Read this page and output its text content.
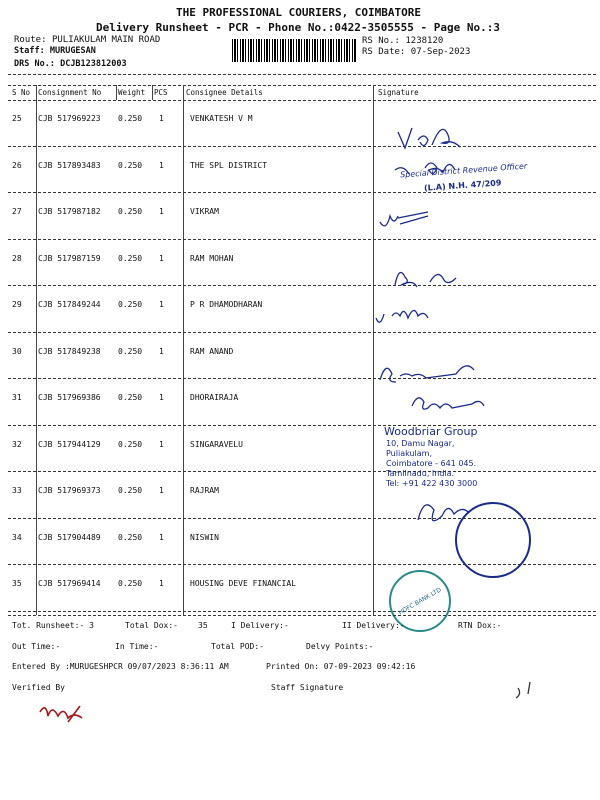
THE PROFESSIONAL COURIERS, COIMBATORE
Delivery Runsheet - PCR - Phone No.:0422-3505555 - Page No.:3
Route: PULIAKULAM MAIN ROAD
Staff: MURUGESAN
DRS No.: DCJB123812003
RS No.: 1238120
RS Date: 07-Sep-2023
S No Consignment No Weight PCS Consignee Details	Signature
25 CJB 517969223 0.250 1	VENKATESH V M
26 CJB 517893483 0.250 1	THE SPL DISTRICT
27 CJB 517987182 0.250 1	VIKRAM
28 CJB 517987159 0.250 1	RAM MOHAN
29 CJB 517849244 0.250 1	P R DHAMODHARAN
30 CJB 517849238 0.250 1	RAM ANAND
31 CJB 517969386 0.250 1	DHORAIRAJA
32 CJB 517944129 0.250 1	SINGARAVELU
33 CJB 517969373 0.250 1	RAJRAM
34 CJB 517904489 0.250 1	NISWIN
35 CJB 517969414 0.250 1	HOUSING DEVE FINANCIAL
Special District Revenue Officer
(L.A) N.H. 47/209
Woodbriar Group
10, Damu Nagar,
Puliakulam,
Coimbatore - 641 045.
Tamilnadu, India.
Tel: +91 422 430 3000
HDFC BANK LTD
Tot. Runsheet:- 3	Total Dox:-	35	I Delivery:-	II Delivery:-	RTN Dox:-
Out Time:-	In Time:-	Total POD:-	Delvy Points:-
Entered By :MURUGESHPCR 09/07/2023 8:36:11 AM	Printed On: 07-09-2023 09:42:16
Verified By	Staff Signature
